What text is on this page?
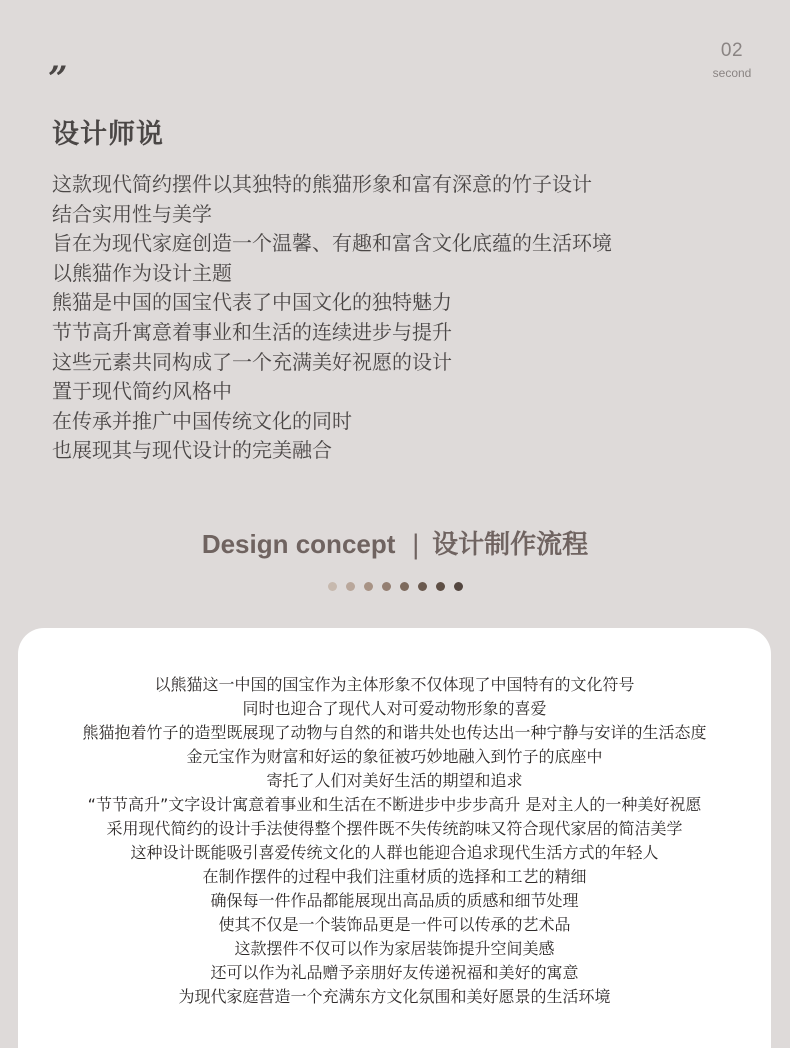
02
second
”
设计师说
这款现代简约摆件以其独特的熊猫形象和富有深意的竹子设计
结合实用性与美学
旨在为现代家庭创造一个温馨、有趣和富含文化底蕴的生活环境
以熊猫作为设计主题
熊猫是中国的国宝代表了中国文化的独特魅力
节节高升寓意着事业和生活的连续进步与提升
这些元素共同构成了一个充满美好祝愿的设计
置于现代简约风格中
在传承并推广中国传统文化的同时
也展现其与现代设计的完美融合
Design concept | 设计制作流程
以熊猫这一中国的国宝作为主体形象不仅体现了中国特有的文化符号
同时也迎合了现代人对可爱动物形象的喜爱
熊猫抱着竹子的造型既展现了动物与自然的和谐共处也传达出一种宁静与安详的生活态度
金元宝作为财富和好运的象征被巧妙地融入到竹子的底座中
寄托了人们对美好生活的期望和追求
“节节高升”文字设计寓意着事业和生活在不断进步中步步高升 是对主人的一种美好祝愿
采用现代简约的设计手法使得整个摆件既不失传统韵味又符合现代家居的简洁美学
这种设计既能吸引喜爱传统文化的人群也能迎合追求现代生活方式的年轻人
在制作摆件的过程中我们注重材质的选择和工艺的精细
确保每一件作品都能展现出高品质的质感和细节处理
使其不仅是一个装饰品更是一件可以传承的艺术品
这款摆件不仅可以作为家居装饰提升空间美感
还可以作为礼品赠予亲朋好友传递祝福和美好的寓意
为现代家庭营造一个充满东方文化氛围和美好愿景的生活环境
